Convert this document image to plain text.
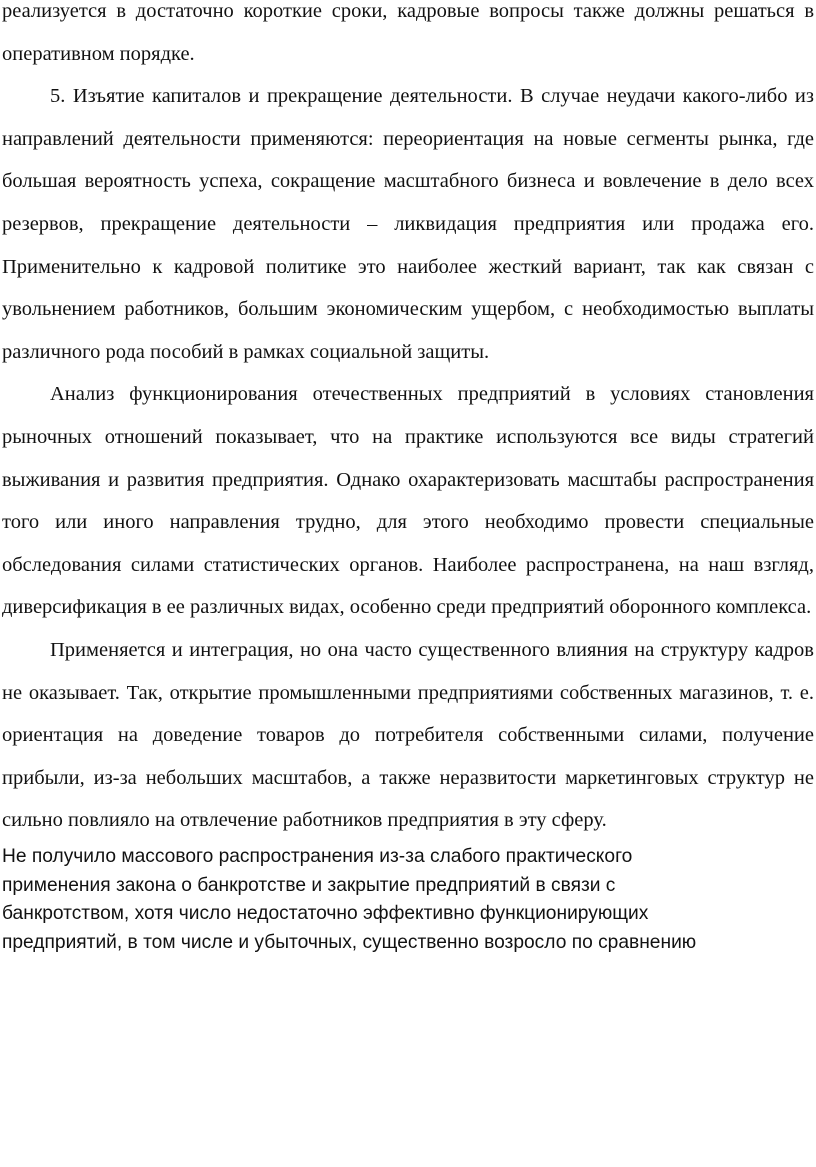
реализуется в достаточно короткие сроки, кадровые вопросы также должны решаться в оперативном порядке.

5. Изъятие капиталов и прекращение деятельности. В случае неудачи какого-либо из направлений деятельности применяются: переориентация на новые сегменты рынка, где большая вероятность успеха, сокращение масштабного бизнеса и вовлечение в дело всех резервов, прекращение деятельности – ликвидация предприятия или продажа его. Применительно к кадровой политике это наиболее жесткий вариант, так как связан с увольнением работников, большим экономическим ущербом, с необходимостью выплаты различного рода пособий в рамках социальной защиты.

Анализ функционирования отечественных предприятий в условиях становления рыночных отношений показывает, что на практике используются все виды стратегий выживания и развития предприятия. Однако охарактеризовать масштабы распространения того или иного направления трудно, для этого необходимо провести специальные обследования силами статистических органов. Наиболее распространена, на наш взгляд, диверсификация в ее различных видах, особенно среди предприятий оборонного комплекса.

Применяется и интеграция, но она часто существенного влияния на структуру кадров не оказывает. Так, открытие промышленными предприятиями собственных магазинов, т. е. ориентация на доведение товаров до потребителя собственными силами, получение прибыли, из-за небольших масштабов, а также неразвитости маркетинговых структур не сильно повлияло на отвлечение работников предприятия в эту сферу.

Не получило массового распространения из-за слабого практического
применения закона о банкротстве и закрытие предприятий в связи с
банкротством, хотя число недостаточно эффективно функционирующих
предприятий, в том числе и убыточных, существенно возросло по сравнению
